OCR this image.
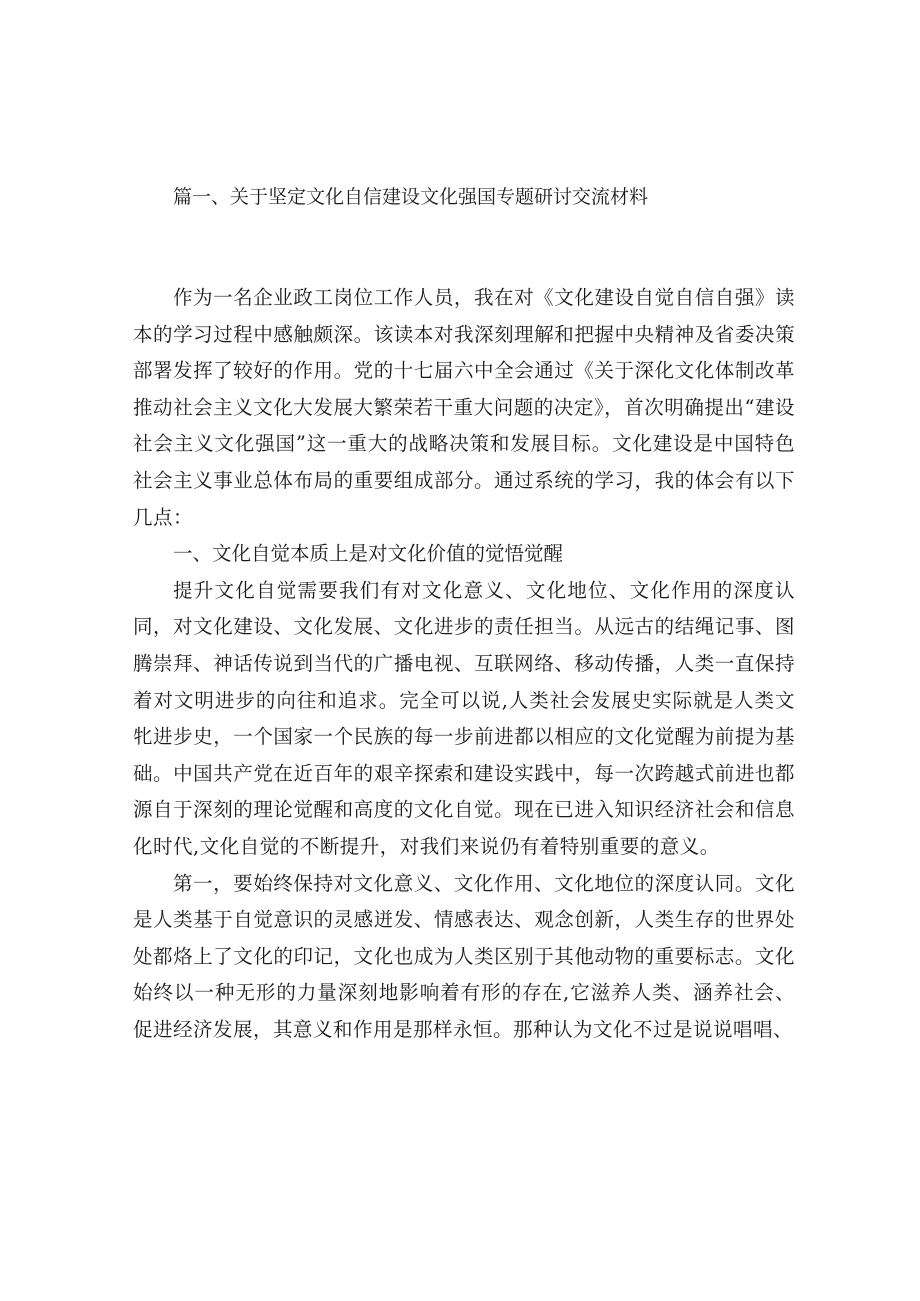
篇一、关于坚定文化自信建设文化强国专题研讨交流材料

作为一名企业政工岗位工作人员，我在对《文化建设自觉自信自强》读本的学习过程中感触颇深。该读本对我深刻理解和把握中央精神及省委决策部署发挥了较好的作用。党的十七届六中全会通过《关于深化文化体制改革推动社会主义文化大发展大繁荣若干重大问题的决定》，首次明确提出“建设社会主义文化强国”这一重大的战略决策和发展目标。文化建设是中国特色社会主义事业总体布局的重要组成部分。通过系统的学习，我的体会有以下几点：

一、文化自觉本质上是对文化价值的觉悟觉醒

提升文化自觉需要我们有对文化意义、文化地位、文化作用的深度认同，对文化建设、文化发展、文化进步的责任担当。从远古的结绳记事、图腾崇拜、神话传说到当代的广播电视、互联网络、移动传播，人类一直保持着对文明进步的向往和追求。完全可以说,人类社会发展史实际就是人类文牝进步史，一个国家一个民族的每一步前进都以相应的文化觉醒为前提为基础。中国共产党在近百年的艰辛探索和建设实践中，每一次跨越式前进也都源自于深刻的理论觉醒和高度的文化自觉。现在已进入知识经济社会和信息化时代,文化自觉的不断提升，对我们来说仍有着特别重要的意义。

第一，要始终保持对文化意义、文化作用、文化地位的深度认同。文化是人类基于自觉意识的灵感迸发、情感表达、观念创新，人类生存的世界处处都烙上了文化的印记，文化也成为人类区别于其他动物的重要标志。文化始终以一种无形的力量深刻地影响着有形的存在,它滋养人类、涵养社会、促进经济发展，其意义和作用是那样永恒。那种认为文化不过是说说唱唱、
